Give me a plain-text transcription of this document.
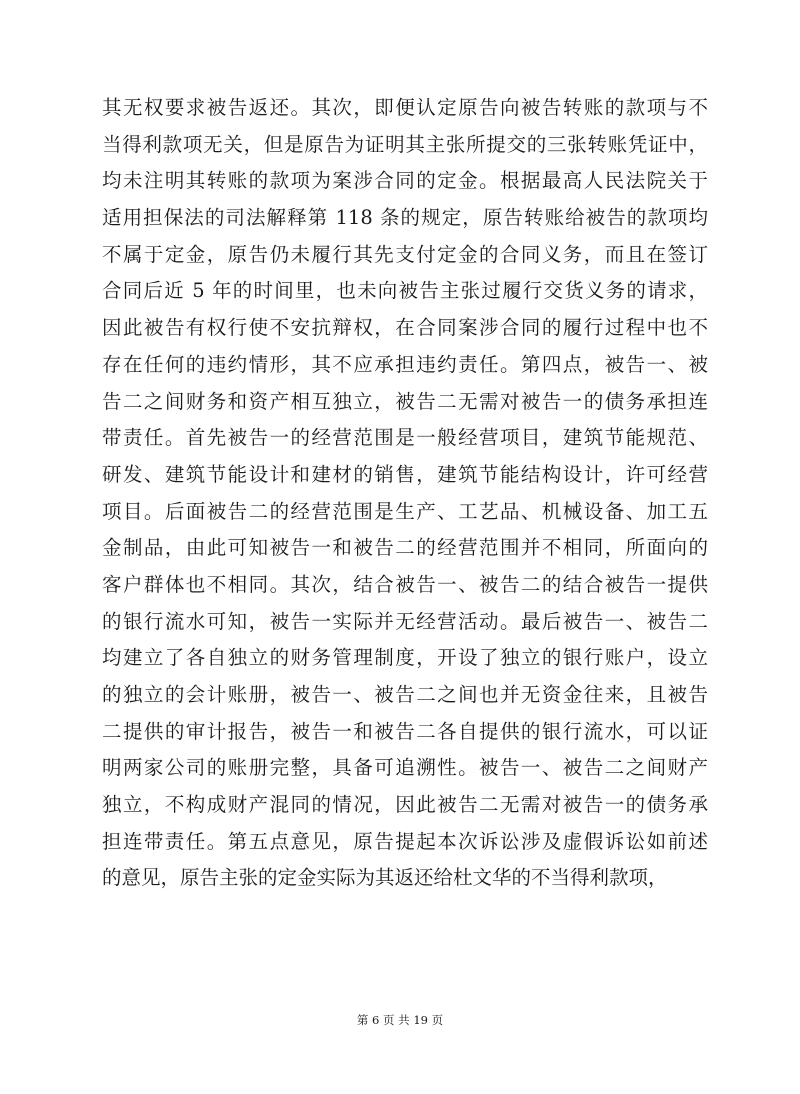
其无权要求被告返还。其次，即便认定原告向被告转账的款项与不
当得利款项无关，但是原告为证明其主张所提交的三张转账凭证中，
均未注明其转账的款项为案涉合同的定金。根据最高人民法院关于
适用担保法的司法解释第 118 条的规定，原告转账给被告的款项均
不属于定金，原告仍未履行其先支付定金的合同义务，而且在签订
合同后近 5 年的时间里，也未向被告主张过履行交货义务的请求，
因此被告有权行使不安抗辩权，在合同案涉合同的履行过程中也不
存在任何的违约情形，其不应承担违约责任。第四点，被告一、被
告二之间财务和资产相互独立，被告二无需对被告一的债务承担连
带责任。首先被告一的经营范围是一般经营项目，建筑节能规范、
研发、建筑节能设计和建材的销售，建筑节能结构设计，许可经营
项目。后面被告二的经营范围是生产、工艺品、机械设备、加工五
金制品，由此可知被告一和被告二的经营范围并不相同，所面向的
客户群体也不相同。其次，结合被告一、被告二的结合被告一提供
的银行流水可知，被告一实际并无经营活动。最后被告一、被告二
均建立了各自独立的财务管理制度，开设了独立的银行账户，设立
的独立的会计账册，被告一、被告二之间也并无资金往来，且被告
二提供的审计报告，被告一和被告二各自提供的银行流水，可以证
明两家公司的账册完整，具备可追溯性。被告一、被告二之间财产
独立，不构成财产混同的情况，因此被告二无需对被告一的债务承
担连带责任。第五点意见，原告提起本次诉讼涉及虚假诉讼如前述
的意见，原告主张的定金实际为其返还给杜文华的不当得利款项，
第 6 页 共 19 页
